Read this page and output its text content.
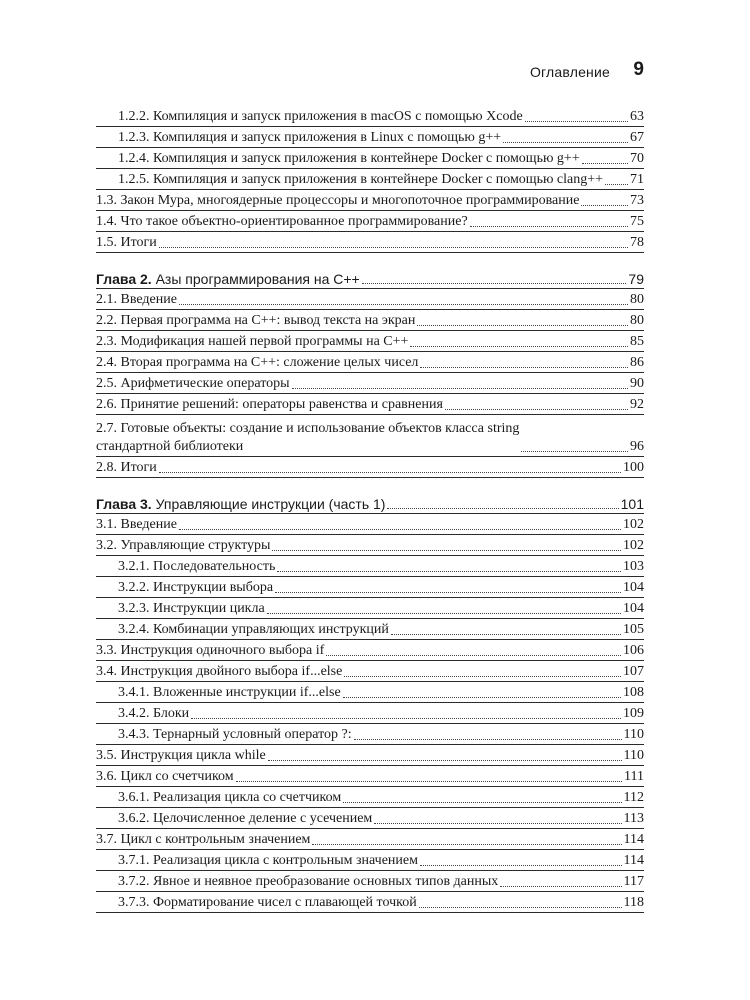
Оглавление 9
1.2.2. Компиляция и запуск приложения в macOS с помощью Xcode	63
1.2.3. Компиляция и запуск приложения в Linux с помощью g++	67
1.2.4. Компиляция и запуск приложения в контейнере Docker с помощью g++	70
1.2.5. Компиляция и запуск приложения в контейнере Docker с помощью clang++ 71
1.3. Закон Мура, многоядерные процессоры и многопоточное программирование	73
1.4. Что такое объектно-ориентированное программирование?	75
1.5. Итоги	78
Глава 2. Азы программирования на C++	79
2.1. Введение	80
2.2. Первая программа на C++: вывод текста на экран	80
2.3. Модификация нашей первой программы на C++	85
2.4. Вторая программа на C++: сложение целых чисел	86
2.5. Арифметические операторы	90
2.6. Принятие решений: операторы равенства и сравнения	92
2.7. Готовые объекты: создание и использование объектов класса string
стандартной библиотеки	96
2.8. Итоги	100
Глава 3. Управляющие инструкции (часть 1)	101
3.1. Введение	102
3.2. Управляющие структуры	102
3.2.1. Последовательность	103
3.2.2. Инструкции выбора	104
3.2.3. Инструкции цикла	104
3.2.4. Комбинации управляющих инструкций	105
3.3. Инструкция одиночного выбора if	106
3.4. Инструкция двойного выбора if...else	107
3.4.1. Вложенные инструкции if...else	108
3.4.2. Блоки	109
3.4.3. Тернарный условный оператор ?:	110
3.5. Инструкция цикла while	110
3.6. Цикл со счетчиком	111
3.6.1. Реализация цикла со счетчиком	112
3.6.2. Целочисленное деление с усечением	113
3.7. Цикл с контрольным значением	114
3.7.1. Реализация цикла с контрольным значением	114
3.7.2. Явное и неявное преобразование основных типов данных	117
3.7.3. Форматирование чисел с плавающей точкой	118
